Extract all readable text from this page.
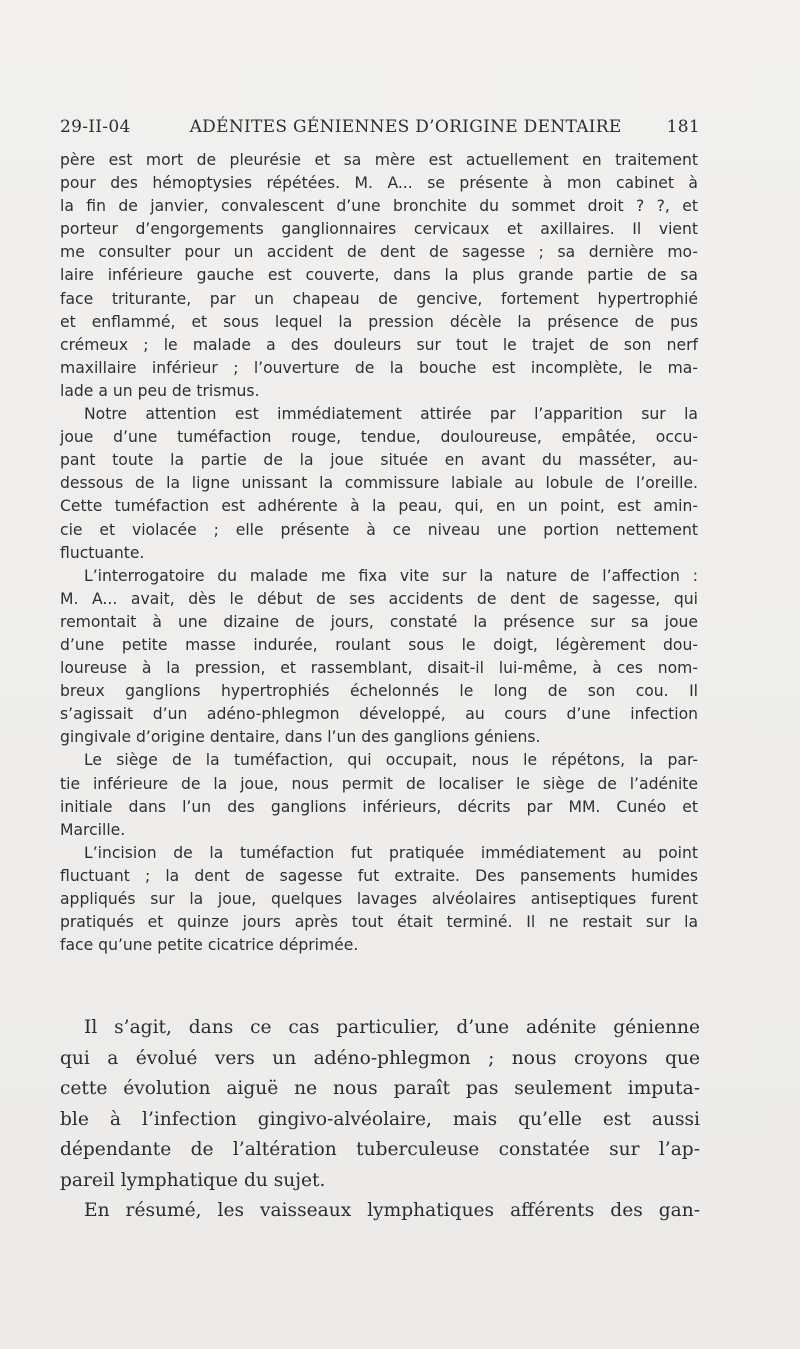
29-II-04	ADÉNITES GÉNIENNES D’ORIGINE DENTAIRE	181

père est mort de pleurésie et sa mère est actuellement en traitement
pour des hémoptysies répétées. M. A... se présente à mon cabinet à
la fin de janvier, convalescent d’une bronchite du sommet droit ? ?, et
porteur d’engorgements ganglionnaires cervicaux et axillaires. Il vient
me consulter pour un accident de dent de sagesse ; sa dernière mo-
laire inférieure gauche est couverte, dans la plus grande partie de sa
face triturante, par un chapeau de gencive, fortement hypertrophié
et enflammé, et sous lequel la pression décèle la présence de pus
crémeux ; le malade a des douleurs sur tout le trajet de son nerf
maxillaire inférieur ; l’ouverture de la bouche est incomplète, le ma-
lade a un peu de trismus.

Notre attention est immédiatement attirée par l’apparition sur la
joue d’une tuméfaction rouge, tendue, douloureuse, empâtée, occu-
pant toute la partie de la joue située en avant du masséter, au-
dessous de la ligne unissant la commissure labiale au lobule de l’oreille.
Cette tuméfaction est adhérente à la peau, qui, en un point, est amin-
cie et violacée ; elle présente à ce niveau une portion nettement
fluctuante.

L’interrogatoire du malade me fixa vite sur la nature de l’affection :
M. A... avait, dès le début de ses accidents de dent de sagesse, qui
remontait à une dizaine de jours, constaté la présence sur sa joue
d’une petite masse indurée, roulant sous le doigt, légèrement dou-
loureuse à la pression, et rassemblant, disait-il lui-même, à ces nom-
breux ganglions hypertrophiés échelonnés le long de son cou. Il
s’agissait d’un adéno-phlegmon développé, au cours d’une infection
gingivale d’origine dentaire, dans l’un des ganglions géniens.

Le siège de la tuméfaction, qui occupait, nous le répétons, la par-
tie inférieure de la joue, nous permit de localiser le siège de l’adénite
initiale dans l’un des ganglions inférieurs, décrits par MM. Cunéo et
Marcille.

L’incision de la tuméfaction fut pratiquée immédiatement au point
fluctuant ; la dent de sagesse fut extraite. Des pansements humides
appliqués sur la joue, quelques lavages alvéolaires antiseptiques furent
pratiqués et quinze jours après tout était terminé. Il ne restait sur la
face qu’une petite cicatrice déprimée.

Il s’agit, dans ce cas particulier, d’une adénite génienne
qui a évolué vers un adéno-phlegmon ; nous croyons que
cette évolution aiguë ne nous paraît pas seulement imputa-
ble à l’infection gingivo-alvéolaire, mais qu’elle est aussi
dépendante de l’altération tuberculeuse constatée sur l’ap-
pareil lymphatique du sujet.

En résumé, les vaisseaux lymphatiques afférents des gan-
